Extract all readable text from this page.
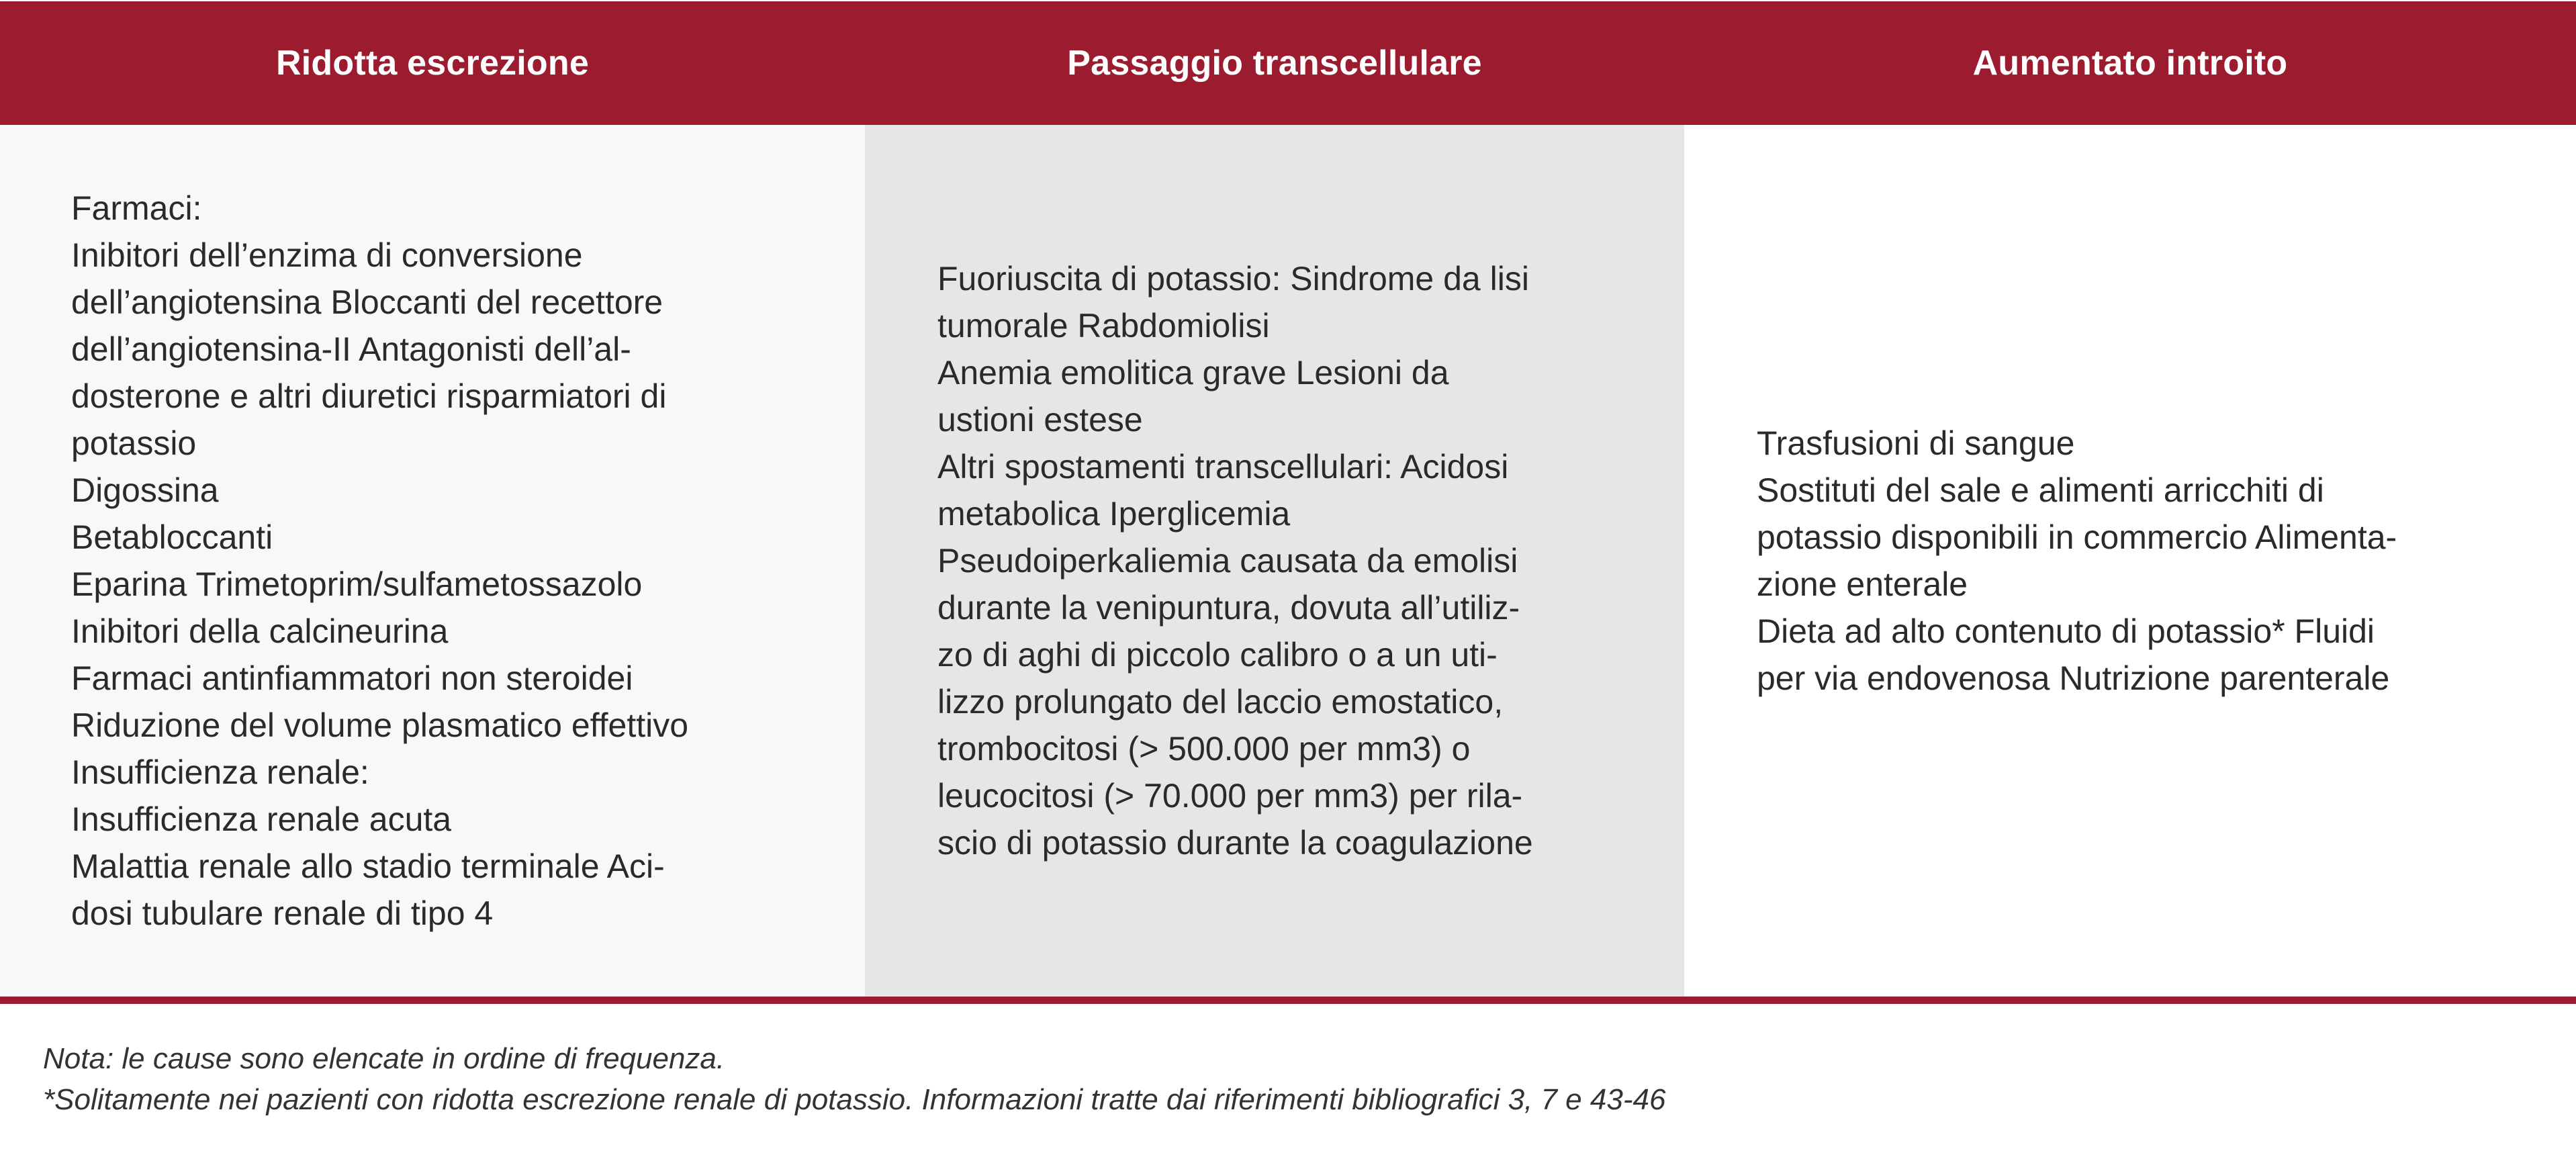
Ridotta escrezione	Passaggio transcellulare	Aumentato introito
Farmaci:
Inibitori dell’enzima di conversione
dell’angiotensina Bloccanti del recettore
dell’angiotensina-II Antagonisti dell’al-
dosterone e altri diuretici risparmiatori di
potassio
Digossina
Betabloccanti
Eparina Trimetoprim/sulfametossazolo
Inibitori della calcineurina
Farmaci antinfiammatori non steroidei
Riduzione del volume plasmatico effettivo
Insufficienza renale:
Insufficienza renale acuta
Malattia renale allo stadio terminale Aci-
dosi tubulare renale di tipo 4
Fuoriuscita di potassio: Sindrome da lisi
tumorale Rabdomiolisi
Anemia emolitica grave Lesioni da
ustioni estese
Altri spostamenti transcellulari: Acidosi
metabolica Iperglicemia
Pseudoiperkaliemia causata da emolisi
durante la venipuntura, dovuta all’utiliz-
zo di aghi di piccolo calibro o a un uti-
lizzo prolungato del laccio emostatico,
trombocitosi (> 500.000 per mm3) o
leucocitosi (> 70.000 per mm3) per rila-
scio di potassio durante la coagulazione
Trasfusioni di sangue
Sostituti del sale e alimenti arricchiti di
potassio disponibili in commercio Alimenta-
zione enterale
Dieta ad alto contenuto di potassio* Fluidi
per via endovenosa Nutrizione parenterale
Nota: le cause sono elencate in ordine di frequenza.
*Solitamente nei pazienti con ridotta escrezione renale di potassio. Informazioni tratte dai riferimenti bibliografici 3, 7 e 43-46
